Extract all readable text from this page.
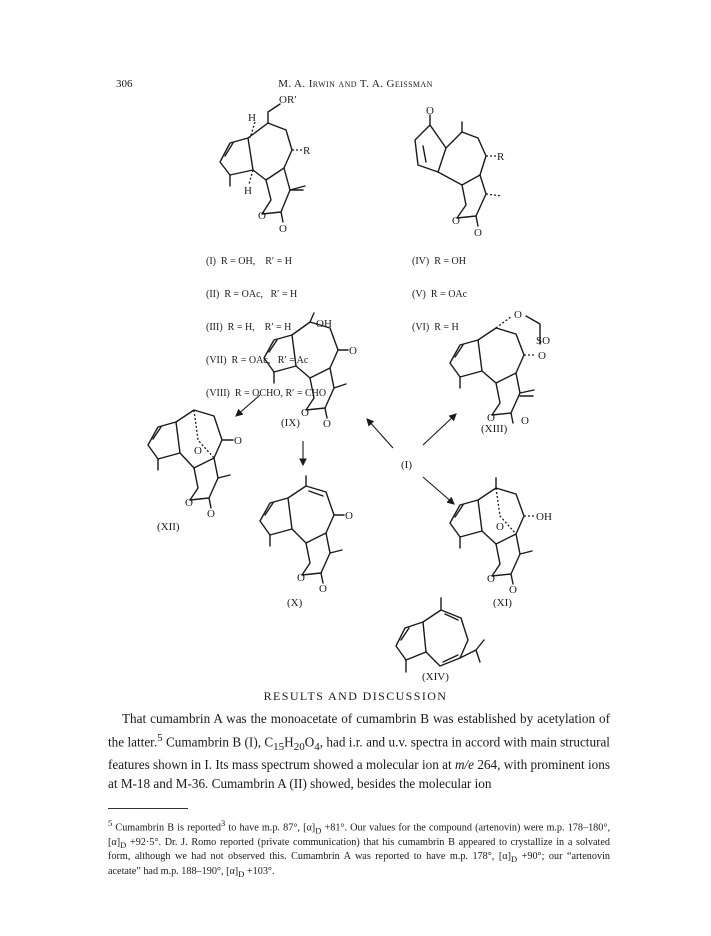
306	M. A. Irwin and T. A. Geissman
H
OR′
R
H
O
O
O
R
O
O
OH
O
O
O
(IX)
O
SO
O
O O
(XIII)
O
O
O
O
(XII)
O
O
O
(X)
OH
O
O
O
(XI)
(XIV)
(I)

(I)  R = OH,    R′ = H

(II)  R = OAc,   R′ = H

(III)  R = H,    R′ = H

(VII)  R = OAc,   R′ = Ac

(VIII)  R = OCHO, R′ = CHO

(IV)  R = OH

(V)  R = OAc

(VI)  R = H

RESULTS AND DISCUSSION
That cumambrin A was the monoacetate of cumambrin B was established by acetylation of the latter.$^5$ Cumambrin B (I), $C_{15}H_{20}O_4$, had i.r. and u.v. spectra in accord with main structural features shown in I. Its mass spectrum showed a molecular ion at m/e 264, with prominent ions at M-18 and M-36. Cumambrin A (II) showed, besides the molecular ion
$^5$ Cumambrin B is reported$^3$ to have m.p. 87°, $[\alpha]_D +81^\circ$. Our values for the compound (artenovin) were m.p. 178–180°, $[\alpha]_D +92\cdot 5^\circ$. Dr. J. Romo reported (private communication) that his cumambrin B appeared to crystallize in a solvated form, although we had not observed this. Cumambrin A was reported to have m.p. 178°, $[\alpha]_D +90^\circ$; our “artenovin acetate” had m.p. 188–190°, $[\alpha]_D +103^\circ$.
